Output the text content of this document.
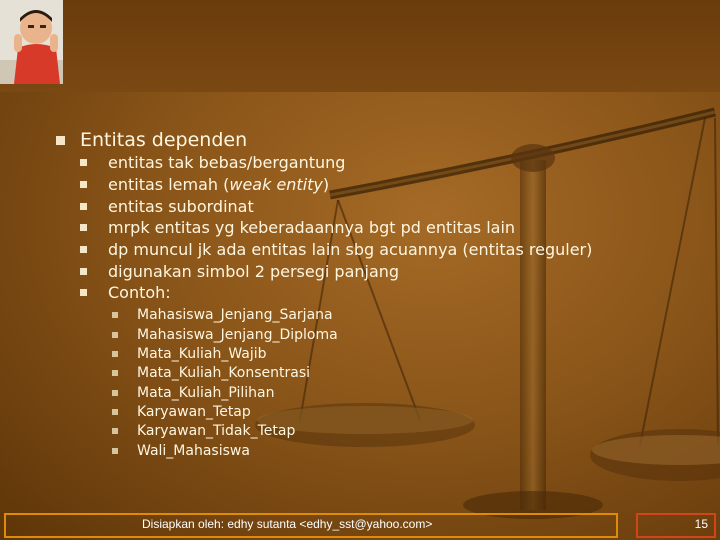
Entitas dependen
entitas tak bebas/bergantung
entitas lemah (weak entity)
entitas subordinat
mrpk entitas yg keberadaannya bgt pd entitas lain
dp muncul jk ada entitas lain sbg acuannya (entitas reguler)
digunakan simbol 2 persegi panjang
Contoh:
Mahasiswa_Jenjang_Sarjana
Mahasiswa_Jenjang_Diploma
Mata_Kuliah_Wajib
Mata_Kuliah_Konsentrasi
Mata_Kuliah_Pilihan
Karyawan_Tetap
Karyawan_Tidak_Tetap
Wali_Mahasiswa
Disiapkan oleh: edhy sutanta <edhy_sst@yahoo.com>	15
